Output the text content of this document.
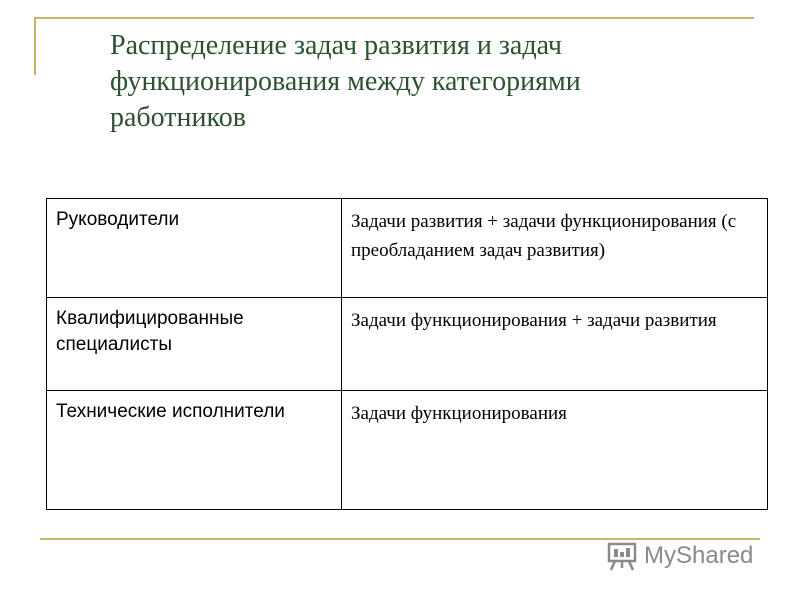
Распределение задач развития и задач функционирования между категориями работников
Руководители	Задачи развития + задачи функционирования (с преобладанием задач развития)
Квалифицированные специалисты	Задачи функционирования + задачи развития
Технические исполнители	Задачи функционирования
MyShared
